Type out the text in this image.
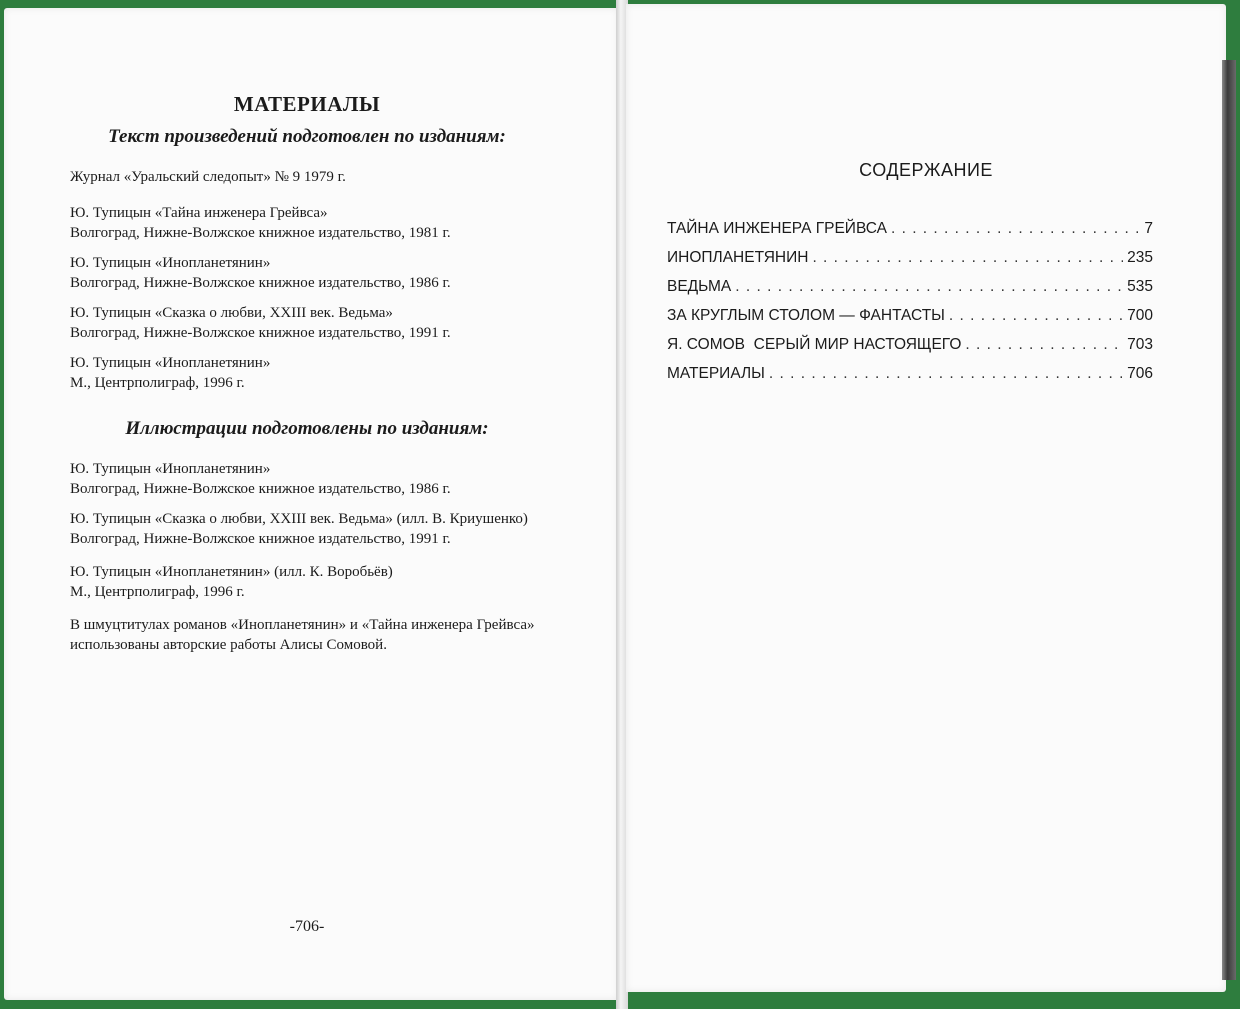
МАТЕРИАЛЫ
Текст произведений подготовлен по изданиям:
Журнал «Уральский следопыт» № 9 1979 г.
Ю. Тупицын «Тайна инженера Грейвса»
Волгоград, Нижне-Волжское книжное издательство, 1981 г.
Ю. Тупицын «Инопланетянин»
Волгоград, Нижне-Волжское книжное издательство, 1986 г.
Ю. Тупицын «Сказка о любви, XXIII век. Ведьма»
Волгоград, Нижне-Волжское книжное издательство, 1991 г.
Ю. Тупицын «Инопланетянин»
М., Центрполиграф, 1996 г.
Иллюстрации подготовлены по изданиям:
Ю. Тупицын «Инопланетянин»
Волгоград, Нижне-Волжское книжное издательство, 1986 г.
Ю. Тупицын «Сказка о любви, XXIII век. Ведьма» (илл. В. Криушенко)
Волгоград, Нижне-Волжское книжное издательство, 1991 г.
Ю. Тупицын «Инопланетянин» (илл. К. Воробьёв)
М., Центрполиграф, 1996 г.
В шмуцтитулах романов «Инопланетянин» и «Тайна инженера Грейвса»
использованы авторские работы Алисы Сомовой.
-706-
СОДЕРЖАНИЕ
ТАЙНА ИНЖЕНЕРА ГРЕЙВСА . . .	7
ИНОПЛАНЕТЯНИН . . .	235
ВЕДЬМА . . .	535
ЗА КРУГЛЫМ СТОЛОМ — ФАНТАСТЫ . . .	700
Я. СОМОВ  СЕРЫЙ МИР НАСТОЯЩЕГО . . .	703
МАТЕРИАЛЫ . . .	706
